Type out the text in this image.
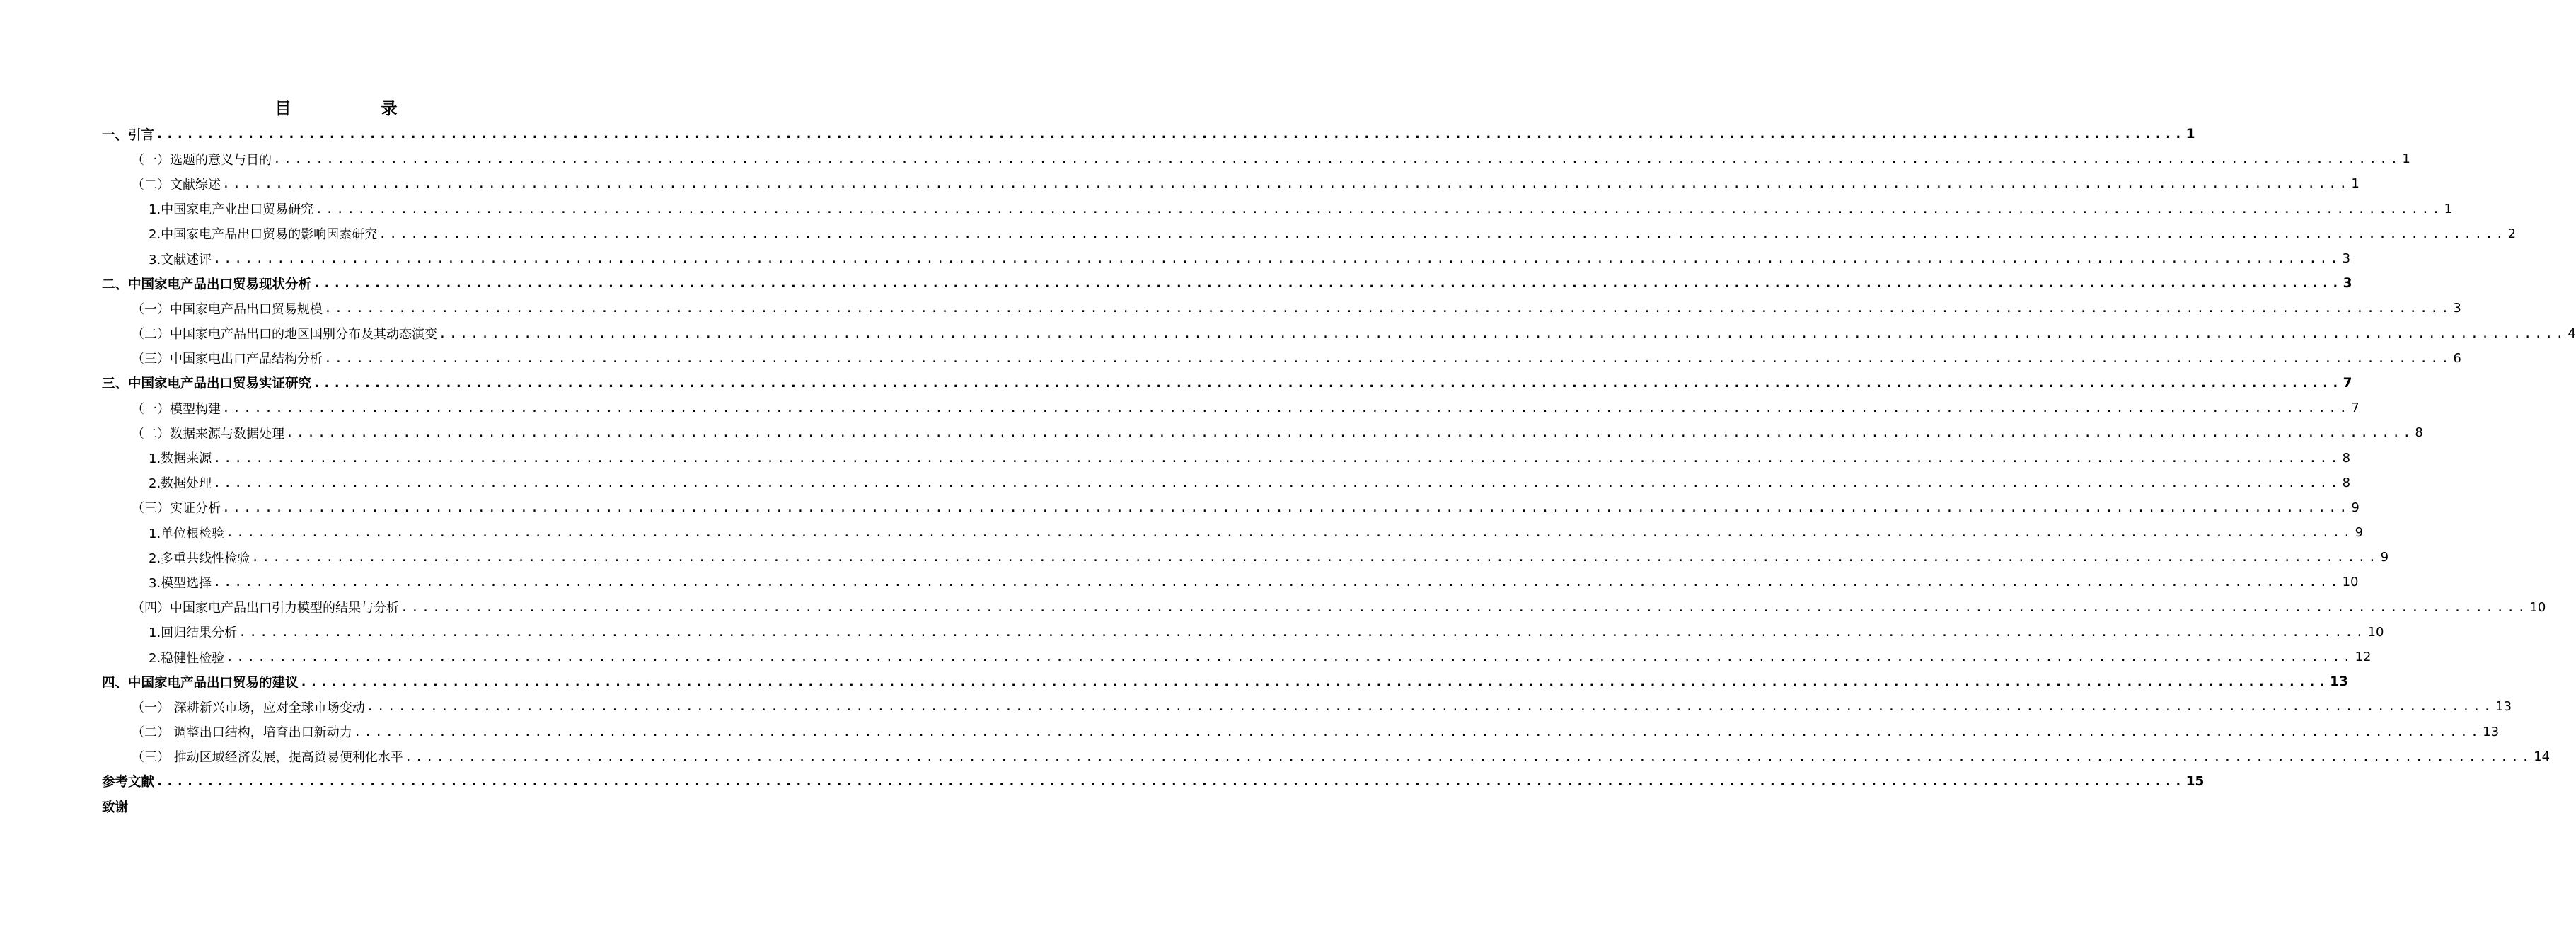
目　录
一、引言 ........................................................................................................................................................................................................ 1
（一）选题的意义与目的 ........................................................................................................................................................................................................ 1
（二）文献综述 ........................................................................................................................................................................................................ 1
1.中国家电产业出口贸易研究 ........................................................................................................................................................................................................ 1
2.中国家电产品出口贸易的影响因素研究 ........................................................................................................................................................................................................ 2
3.文献述评 ........................................................................................................................................................................................................ 3
二、中国家电产品出口贸易现状分析 ........................................................................................................................................................................................................ 3
（一）中国家电产品出口贸易规模 ........................................................................................................................................................................................................ 3
（二）中国家电产品出口的地区国别分布及其动态演变 ........................................................................................................................................................................................................ 4
（三）中国家电出口产品结构分析 ........................................................................................................................................................................................................ 6
三、中国家电产品出口贸易实证研究 ........................................................................................................................................................................................................ 7
（一）模型构建 ........................................................................................................................................................................................................ 7
（二）数据来源与数据处理 ........................................................................................................................................................................................................ 8
1.数据来源 ........................................................................................................................................................................................................ 8
2.数据处理 ........................................................................................................................................................................................................ 8
（三）实证分析 ........................................................................................................................................................................................................ 9
1.单位根检验 ........................................................................................................................................................................................................ 9
2.多重共线性检验 ........................................................................................................................................................................................................ 9
3.模型选择 ........................................................................................................................................................................................................ 10
（四）中国家电产品出口引力模型的结果与分析 ........................................................................................................................................................................................................ 10
1.回归结果分析 ........................................................................................................................................................................................................ 10
2.稳健性检验 ........................................................................................................................................................................................................ 12
四、中国家电产品出口贸易的建议 ........................................................................................................................................................................................................ 13
（一） 深耕新兴市场，应对全球市场变动 ........................................................................................................................................................................................................ 13
（二） 调整出口结构，培育出口新动力 ........................................................................................................................................................................................................ 13
（三） 推动区域经济发展，提高贸易便利化水平 ........................................................................................................................................................................................................ 14
参考文献 ........................................................................................................................................................................................................ 15
致谢
